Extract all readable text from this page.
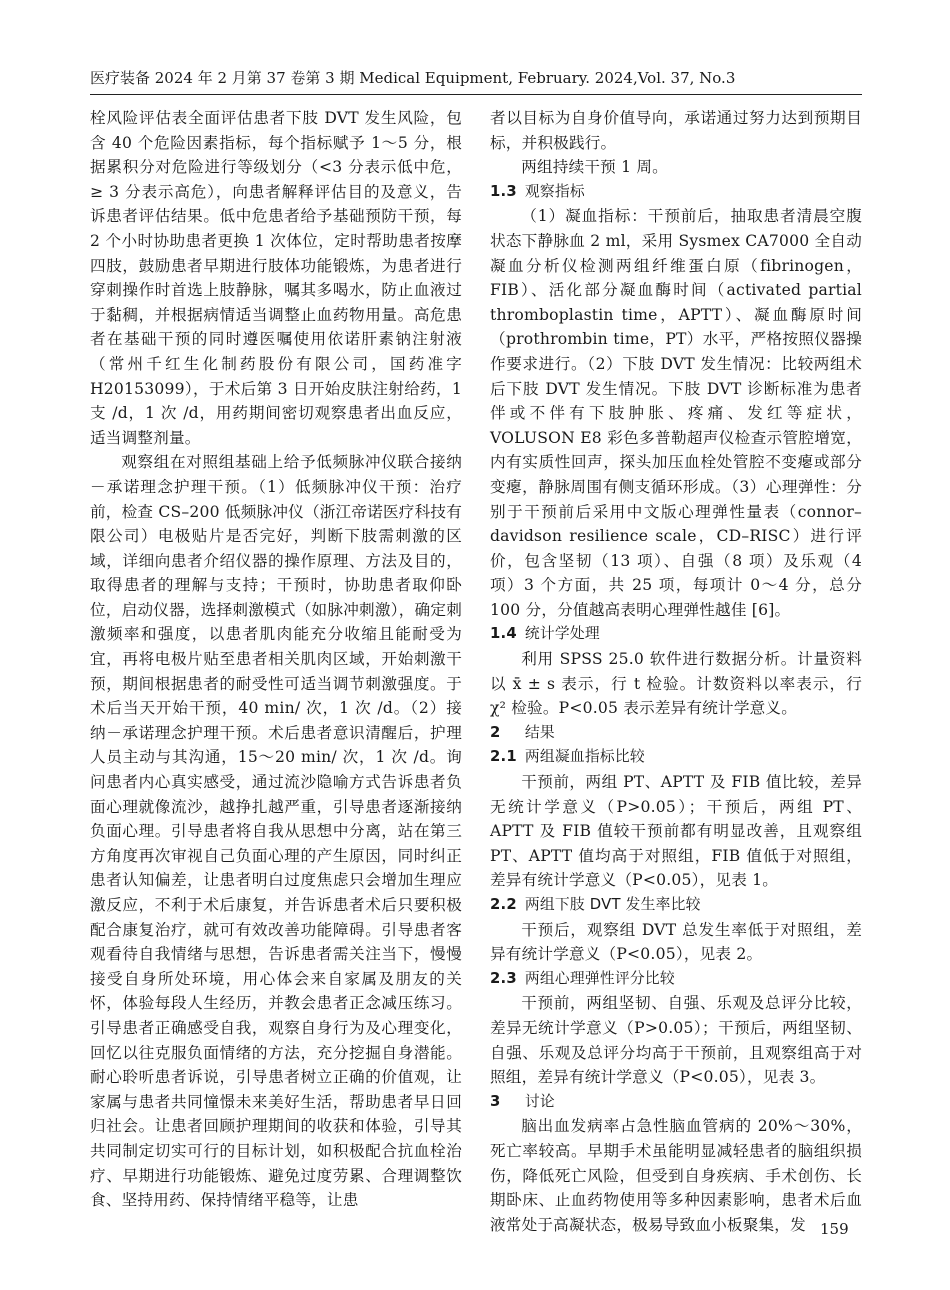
医疗装备 2024 年 2 月第 37 卷第 3 期 Medical Equipment, February. 2024,Vol. 37, No.3

栓风险评估表全面评估患者下肢 DVT 发生风险，包含 40 个危险因素指标，每个指标赋予 1～5 分，根据累积分对危险进行等级划分（<3 分表示低中危，≥ 3 分表示高危），向患者解释评估目的及意义，告诉患者评估结果。低中危患者给予基础预防干预，每 2 个小时协助患者更换 1 次体位，定时帮助患者按摩四肢，鼓励患者早期进行肢体功能锻炼，为患者进行穿刺操作时首选上肢静脉，嘱其多喝水，防止血液过于黏稠，并根据病情适当调整止血药物用量。高危患者在基础干预的同时遵医嘱使用依诺肝素钠注射液（常州千红生化制药股份有限公司，国药准字 H20153099），于术后第 3 日开始皮肤注射给药，1 支 /d，1 次 /d，用药期间密切观察患者出血反应，适当调整剂量。

观察组在对照组基础上给予低频脉冲仪联合接纳－承诺理念护理干预。（1）低频脉冲仪干预：治疗前，检查 CS–200 低频脉冲仪（浙江帝诺医疗科技有限公司）电极贴片是否完好，判断下肢需刺激的区域，详细向患者介绍仪器的操作原理、方法及目的，取得患者的理解与支持；干预时，协助患者取仰卧位，启动仪器，选择刺激模式（如脉冲刺激），确定刺激频率和强度，以患者肌肉能充分收缩且能耐受为宜，再将电极片贴至患者相关肌肉区域，开始刺激干预，期间根据患者的耐受性可适当调节刺激强度。于术后当天开始干预，40 min/ 次，1 次 /d。（2）接纳－承诺理念护理干预。术后患者意识清醒后，护理人员主动与其沟通，15～20 min/ 次，1 次 /d。询问患者内心真实感受，通过流沙隐喻方式告诉患者负面心理就像流沙，越挣扎越严重，引导患者逐渐接纳负面心理。引导患者将自我从思想中分离，站在第三方角度再次审视自己负面心理的产生原因，同时纠正患者认知偏差，让患者明白过度焦虑只会增加生理应激反应，不利于术后康复，并告诉患者术后只要积极配合康复治疗，就可有效改善功能障碍。引导患者客观看待自我情绪与思想，告诉患者需关注当下，慢慢接受自身所处环境，用心体会来自家属及朋友的关怀，体验每段人生经历，并教会患者正念减压练习。引导患者正确感受自我，观察自身行为及心理变化，回忆以往克服负面情绪的方法，充分挖掘自身潜能。耐心聆听患者诉说，引导患者树立正确的价值观，让家属与患者共同憧憬未来美好生活，帮助患者早日回归社会。让患者回顾护理期间的收获和体验，引导其共同制定切实可行的目标计划，如积极配合抗血栓治疗、早期进行功能锻炼、避免过度劳累、合理调整饮食、坚持用药、保持情绪平稳等，让患

者以目标为自身价值导向，承诺通过努力达到预期目标，并积极践行。

两组持续干预 1 周。

1.3 观察指标

（1）凝血指标：干预前后，抽取患者清晨空腹状态下静脉血 2 ml，采用 Sysmex CA7000 全自动凝血分析仪检测两组纤维蛋白原（fibrinogen，FIB）、活化部分凝血酶时间（activated partial thromboplastin time，APTT）、凝血酶原时间（prothrombin time，PT）水平，严格按照仪器操作要求进行。（2）下肢 DVT 发生情况：比较两组术后下肢 DVT 发生情况。下肢 DVT 诊断标准为患者伴或不伴有下肢肿胀、疼痛、发红等症状，VOLUSON E8 彩色多普勒超声仪检查示管腔增宽，内有实质性回声，探头加压血栓处管腔不变瘪或部分变瘪，静脉周围有侧支循环形成。（3）心理弹性：分别于干预前后采用中文版心理弹性量表（connor–davidson resilience scale，CD–RISC）进行评价，包含坚韧（13 项）、自强（8 项）及乐观（4 项）3 个方面，共 25 项，每项计 0～4 分，总分 100 分，分值越高表明心理弹性越佳 [6]。

1.4 统计学处理

利用 SPSS 25.0 软件进行数据分析。计量资料以 x̄ ± s 表示，行 t 检验。计数资料以率表示，行 χ² 检验。P<0.05 表示差异有统计学意义。

2 结果

2.1 两组凝血指标比较

干预前，两组 PT、APTT 及 FIB 值比较，差异无统计学意义（P>0.05）；干预后，两组 PT、APTT 及 FIB 值较干预前都有明显改善，且观察组 PT、APTT 值均高于对照组，FIB 值低于对照组，差异有统计学意义（P<0.05），见表 1。

2.2 两组下肢 DVT 发生率比较

干预后，观察组 DVT 总发生率低于对照组，差异有统计学意义（P<0.05），见表 2。

2.3 两组心理弹性评分比较

干预前，两组坚韧、自强、乐观及总评分比较，差异无统计学意义（P>0.05）；干预后，两组坚韧、自强、乐观及总评分均高于干预前，且观察组高于对照组，差异有统计学意义（P<0.05），见表 3。

3 讨论

脑出血发病率占急性脑血管病的 20%～30%，死亡率较高。早期手术虽能明显减轻患者的脑组织损伤，降低死亡风险，但受到自身疾病、手术创伤、长期卧床、止血药物使用等多种因素影响，患者术后血液常处于高凝状态，极易导致血小板聚集，发 159
